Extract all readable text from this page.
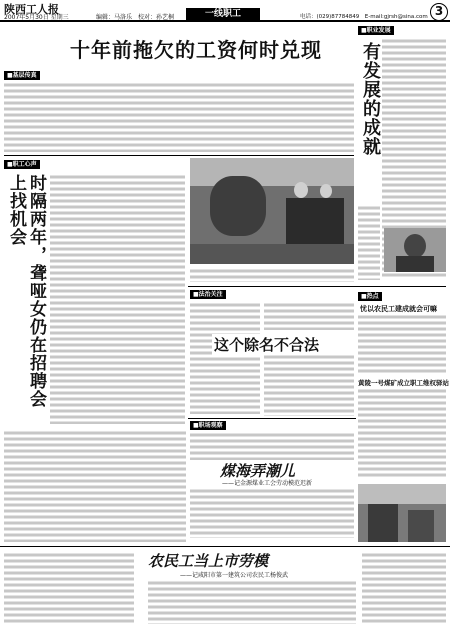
陕西工人报
2007年5月30日 星期三	编辑：马洛乐　校对：孙艺桐	一线职工	电话：(029)87784849　E-mail:gjrsh@sina.com 3
十年前拖欠的工资何时兑现
■基层传真
■职业发展
有发展的成就
■职工心声
时隔两年，聋哑女仍在招聘会上找机会
■法治关注
这个除名不合法
■热点
忧以农民工建成就会可嘛
黄陵一号煤矿成立职工维权驿站
■职场观察
煤海弄潮儿
——记金源煤业工会劳动模范迟新
农民工当上市劳模
——记咸阳市第一建筑公司农民工杨俊武
